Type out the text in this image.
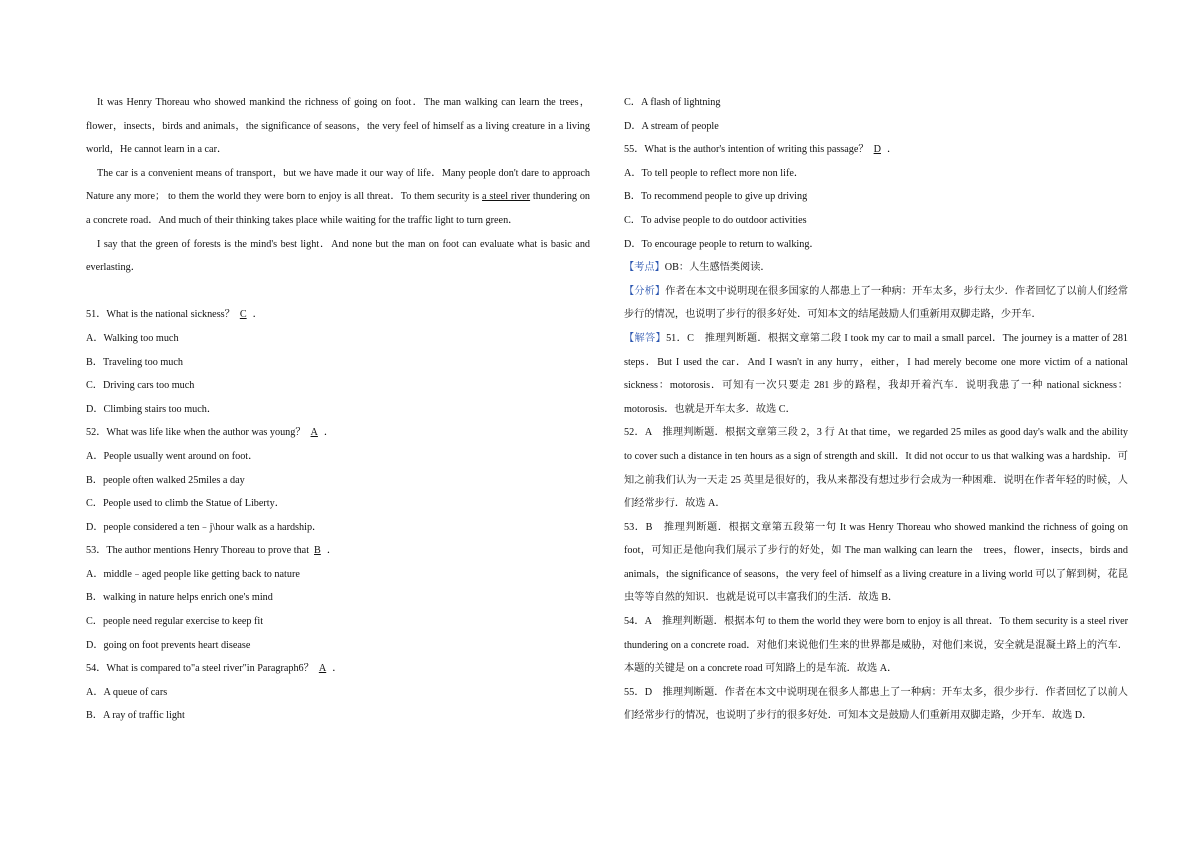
It was Henry Thoreau who showed mankind the richness of going on foot．The man walking can learn the trees，flower，insects，birds and animals，the significance of seasons，the very feel of himself as a living creature in a living world，He cannot learn in a car．

The car is a convenient means of transport，but we have made it our way of life．Many people don't dare to approach Nature any more； to them the world they were born to enjoy is all threat．To them security is a steel river thundering on a concrete road．And much of their thinking takes place while waiting for the traffic light to turn green．

I say that the green of forests is the mind's best light．And none but the man on foot can evaluate what is basic and everlasting．

51．What is the national sickness？ C ．

A．Walking too much

B．Traveling too much

C．Driving cars too much

D．Climbing stairs too much．

52．What was life like when the author was young？ A ．

A．People usually went around on foot．

B．people often walked 25miles a day

C．People used to climb the Statue of Liberty．

D．people considered a ten﹣j\hour walk as a hardship．

53．The author mentions Henry Thoreau to prove that B ．

A．middle﹣aged people like getting back to nature

B．walking in nature helps enrich one's mind

C．people need regular exercise to keep fit

D．going on foot prevents heart disease

54．What is compared to"a steel river"in Paragraph6？ A ．

A．A queue of cars

B．A ray of traffic light

C．A flash of lightning

D．A stream of people

55．What is the author's intention of writing this passage？ D ．

A．To tell people to reflect more non life．

B．To recommend people to give up driving

C．To advise people to do outdoor activities

D．To encourage people to return to walking．

【考点】OB：人生感悟类阅读．

【分析】作者在本文中说明现在很多国家的人都患上了一种病：开车太多，步行太少．作者回忆了以前人们经常步行的情况，也说明了步行的很多好处．可知本文的结尾鼓励人们重新用双脚走路，少开车．

【解答】51．C　推理判断题．根据文章第二段 I took my car to mail a small parcel．The journey is a matter of 281 steps．But I used the car．And I wasn't in any hurry，either，I had merely become one more victim of a national sickness：motorosis．可知有一次只要走 281 步的路程，我却开着汽车．说明我患了一种 national sickness：motorosis．也就是开车太多．故选 C．

52．A　推理判断题．根据文章第三段 2，3 行 At that time，we regarded 25 miles as good day's walk and the ability to cover such a distance in ten hours as a sign of strength and skill．It did not occur to us that walking was a hardship．可知之前我们认为一天走 25 英里是很好的，我从来都没有想过步行会成为一种困难．说明在作者年轻的时候，人们经常步行．故选 A．

53．B　推理判断题．根据文章第五段第一句 It was Henry Thoreau who showed mankind the richness of going on foot，可知正是他向我们展示了步行的好处，如 The man walking can learn the　trees，flower，insects，birds and animals，the significance of seasons，the very feel of himself as a living creature in a living world 可以了解到树，花昆虫等等自然的知识．也就是说可以丰富我们的生活．故选 B．

54．A　推理判断题．根据本句 to them the world they were born to enjoy is all threat．To them security is a steel river thundering on a concrete road．对他们来说他们生来的世界都是威胁，对他们来说，安全就是混凝土路上的汽车．本题的关键是 on a concrete road 可知路上的是车流．故选 A．

55．D　推理判断题．作者在本文中说明现在很多人都患上了一种病：开车太多，很少步行．作者回忆了以前人们经常步行的情况，也说明了步行的很多好处．可知本文是鼓励人们重新用双脚走路，少开车．故选 D．
